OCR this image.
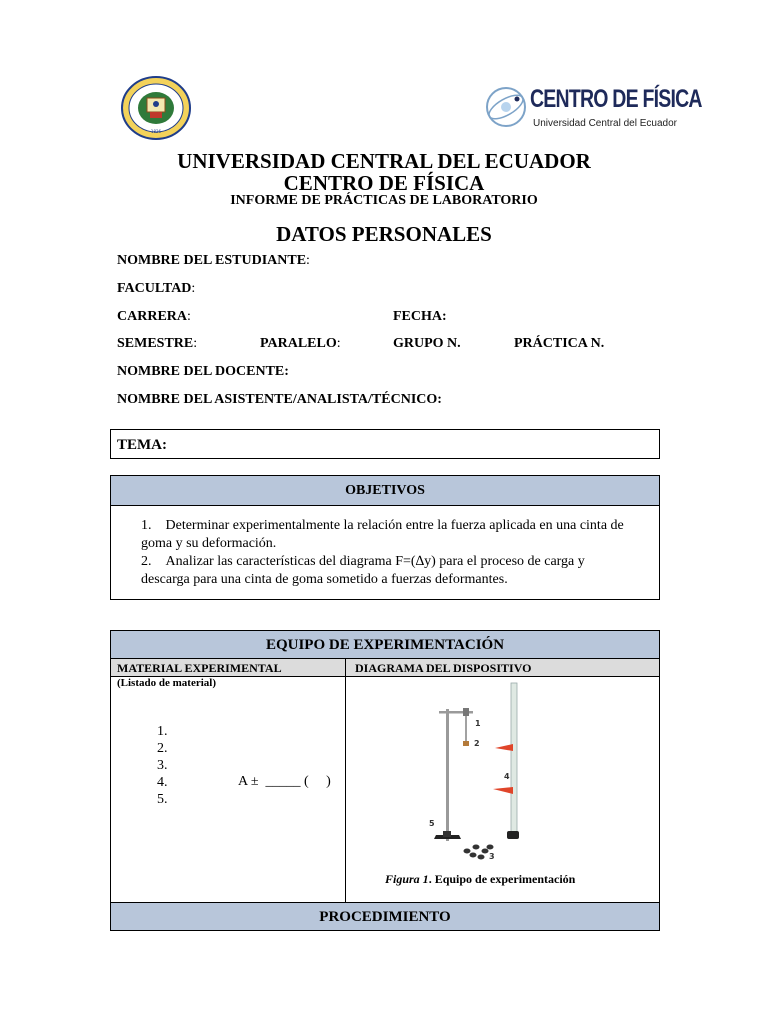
1826
CENTRO DE FÍSICA
Universidad Central del Ecuador
UNIVERSIDAD CENTRAL DEL ECUADOR
CENTRO DE FÍSICA
INFORME DE PRÁCTICAS DE LABORATORIO
DATOS PERSONALES
NOMBRE DEL ESTUDIANTE:
FACULTAD:
CARRERA:	FECHA:
SEMESTRE:	PARALELO:	GRUPO N.	PRÁCTICA N.
NOMBRE DEL DOCENTE:
NOMBRE DEL ASISTENTE/ANALISTA/TÉCNICO:
TEMA:
OBJETIVOS
1. Determinar experimentalmente la relación entre la fuerza aplicada en una cinta de goma y su deformación.
2. Analizar las características del diagrama F=(∆y) para el proceso de carga y descarga para una cinta de goma sometido a fuerzas deformantes.
EQUIPO DE EXPERIMENTACIÓN
MATERIAL EXPERIMENTAL	DIAGRAMA DEL DISPOSITIVO
(Listado de material)
1.
2.
3.
4.
5.
A ±  _____ (     )
1
2
3
4
5
Figura 1. Equipo de experimentación
PROCEDIMIENTO
